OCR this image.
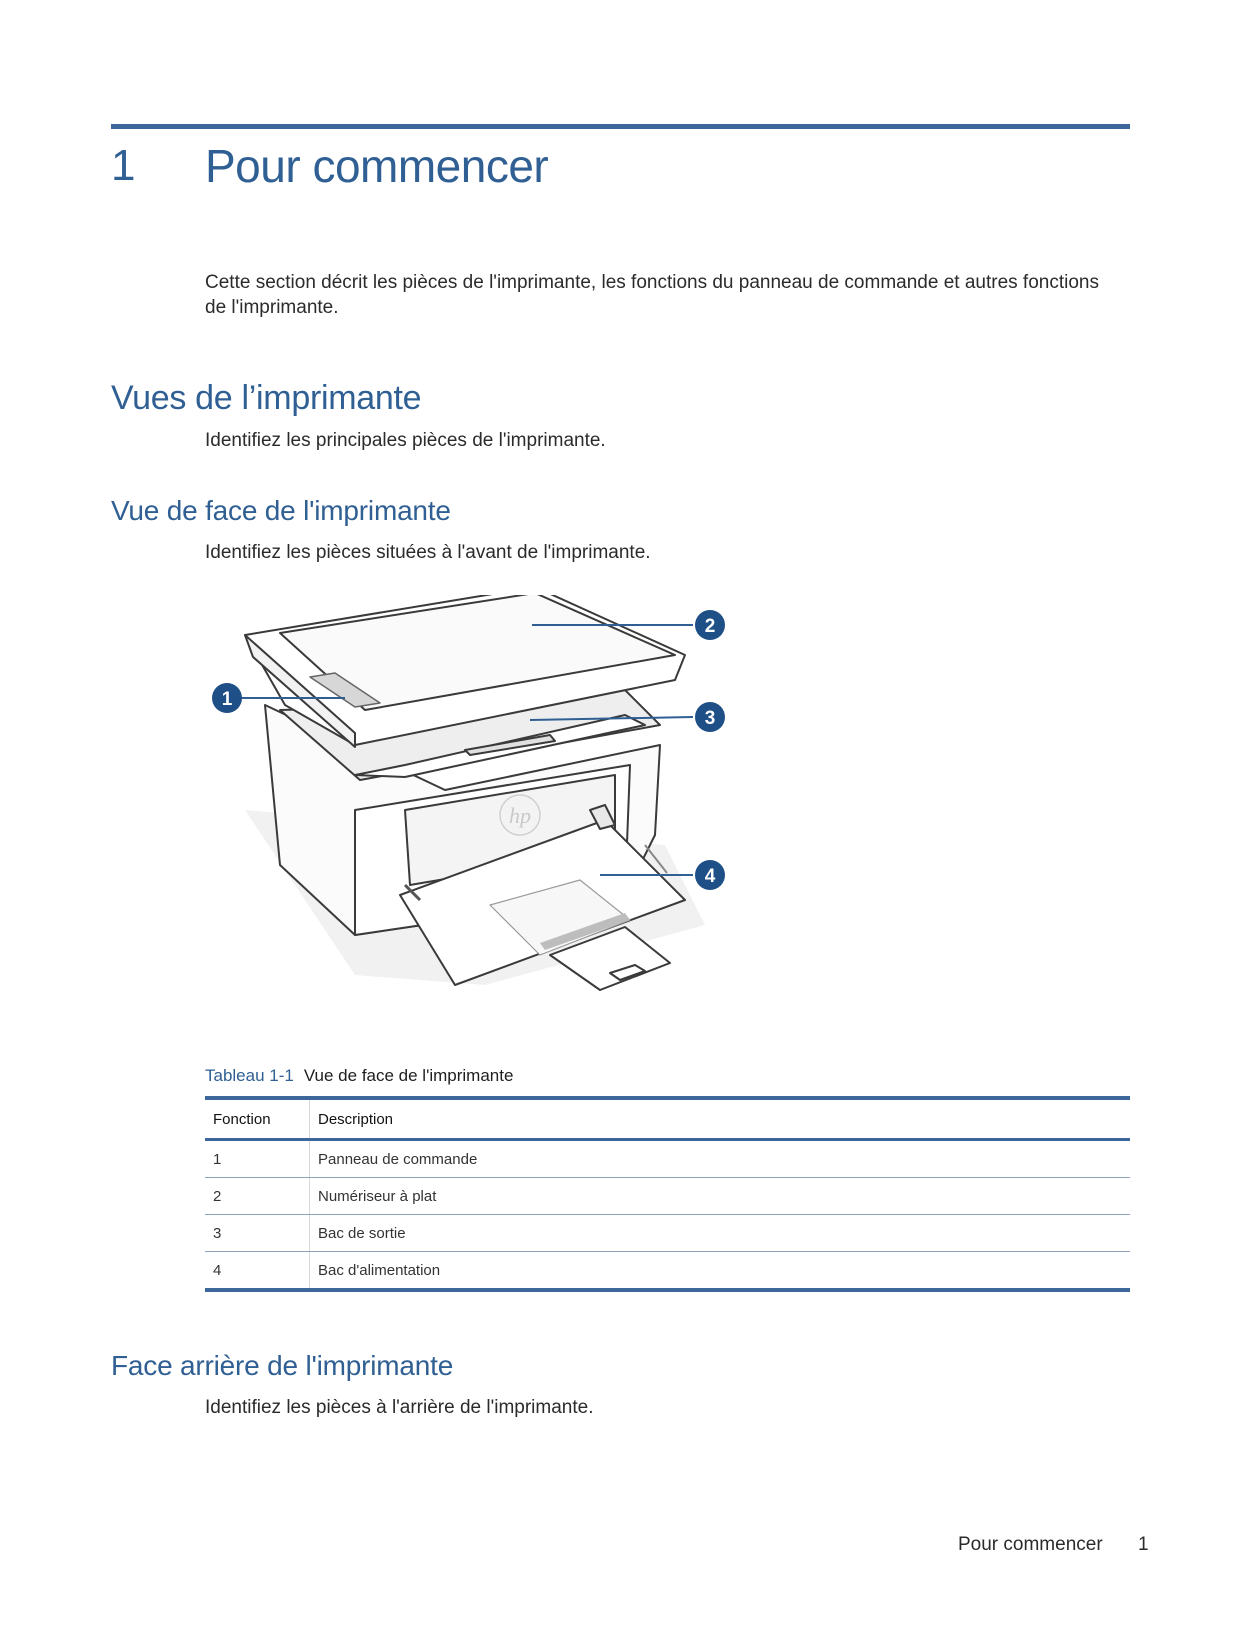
1 Pour commencer
Cette section décrit les pièces de l'imprimante, les fonctions du panneau de commande et autres fonctions de l'imprimante.
Vues de l’imprimante
Identifiez les principales pièces de l'imprimante.
Vue de face de l'imprimante
Identifiez les pièces situées à l'avant de l'imprimante.
hp
1
2
3
4
Tableau 1-1 Vue de face de l'imprimante
Fonction	Description
1	Panneau de commande
2	Numériseur à plat
3	Bac de sortie
4	Bac d'alimentation
Face arrière de l'imprimante
Identifiez les pièces à l'arrière de l'imprimante.
Pour commencer 1
